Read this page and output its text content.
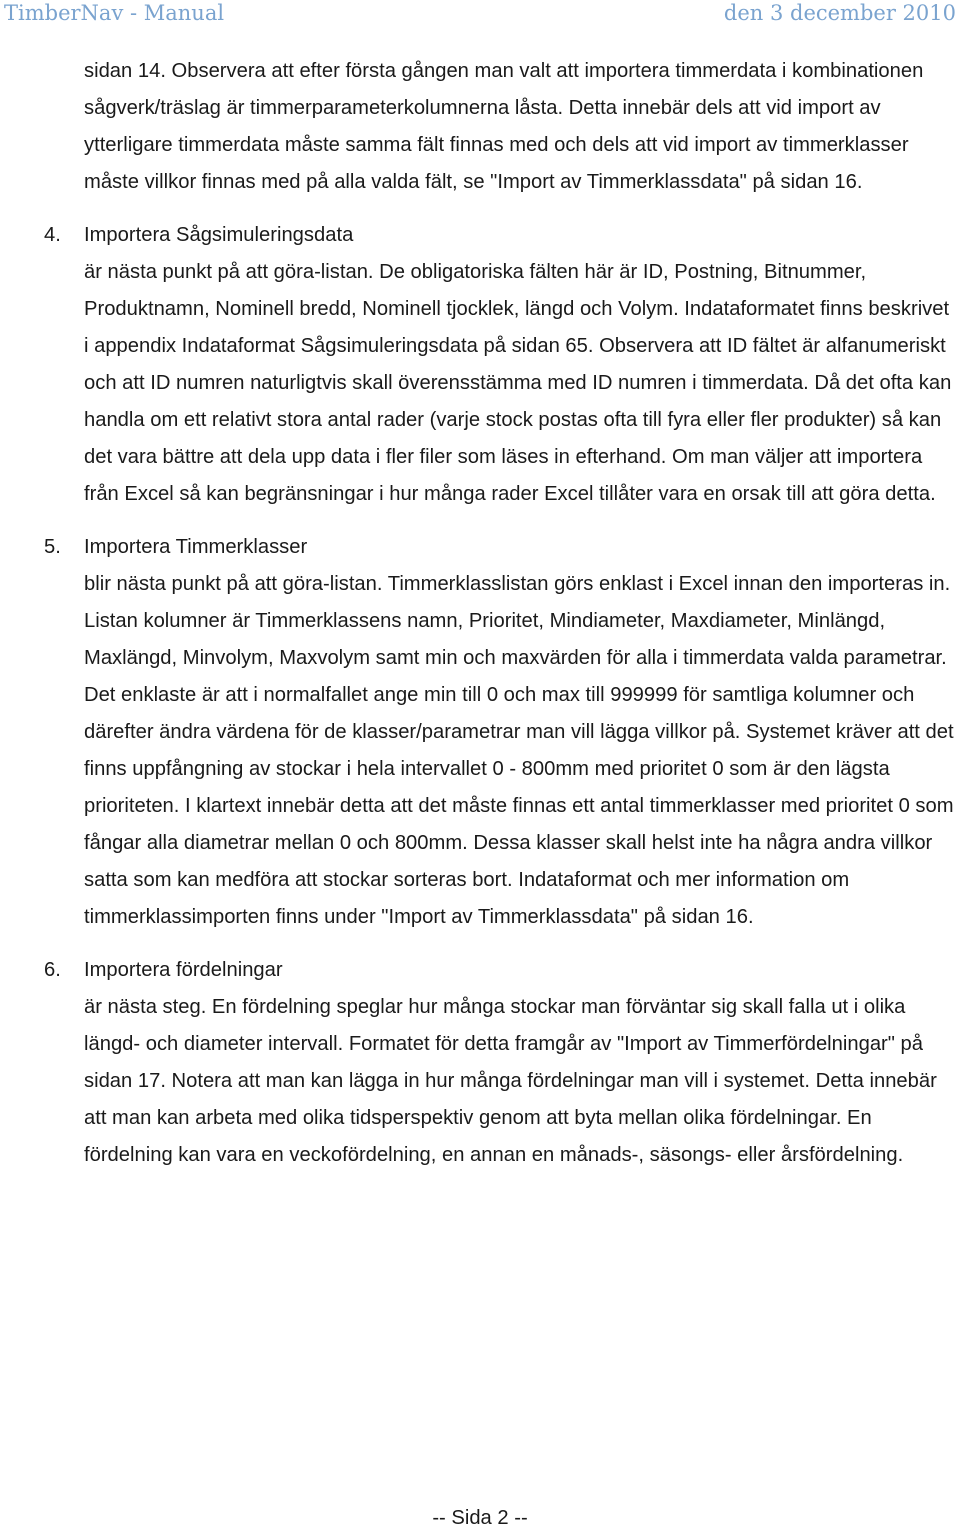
TimberNav - Manual	den 3 december 2010

sidan 14. Observera att efter första gången man valt att importera timmerdata i kombinationen sågverk/träslag är timmerparameterkolumnerna låsta. Detta innebär dels att vid import av ytterligare timmerdata måste samma fält finnas med och dels att vid import av timmerklasser måste villkor finnas med på alla valda fält, se "Import av Timmerklassdata" på sidan 16.

4.	Importera Sågsimuleringsdata

är nästa punkt på att göra-listan. De obligatoriska fälten här är ID, Postning, Bitnummer, Produktnamn, Nominell bredd, Nominell tjocklek, längd och Volym. Indataformatet finns beskrivet i appendix Indataformat Sågsimuleringsdata på sidan 65. Observera att ID fältet är alfanumeriskt och att ID numren naturligtvis skall överensstämma med ID numren i timmerdata. Då det ofta kan handla om ett relativt stora antal rader (varje stock postas ofta till fyra eller fler produkter) så kan det vara bättre att dela upp data i fler filer som läses in efterhand. Om man väljer att importera från Excel så kan begränsningar i hur många rader Excel tillåter vara en orsak till att göra detta.

5.	Importera Timmerklasser

blir nästa punkt på att göra-listan. Timmerklasslistan görs enklast i Excel innan den importeras in. Listan kolumner är Timmerklassens namn, Prioritet, Mindiameter, Maxdiameter, Minlängd, Maxlängd, Minvolym, Maxvolym samt min och maxvärden för alla i timmerdata valda parametrar. Det enklaste är att i normalfallet ange min till 0 och max till 999999 för samtliga kolumner och därefter ändra värdena för de klasser/parametrar man vill lägga villkor på. Systemet kräver att det finns uppfångning av stockar i hela intervallet 0 - 800mm med prioritet 0 som är den lägsta prioriteten. I klartext innebär detta att det måste finnas ett antal timmerklasser med prioritet 0 som fångar alla diametrar mellan 0 och 800mm. Dessa klasser skall helst inte ha några andra villkor satta som kan medföra att stockar sorteras bort. Indataformat och mer information om timmerklassimporten finns under "Import av Timmerklassdata" på sidan 16.

6.	Importera fördelningar

är nästa steg. En fördelning speglar hur många stockar man förväntar sig skall falla ut i olika längd- och diameter intervall. Formatet för detta framgår av "Import av Timmerfördelningar" på sidan 17. Notera att man kan lägga in hur många fördelningar man vill i systemet. Detta innebär att man kan arbeta med olika tidsperspektiv genom att byta mellan olika fördelningar. En fördelning kan vara en veckofördelning, en annan en månads-, säsongs- eller årsfördelning.

-- Sida 2 --
